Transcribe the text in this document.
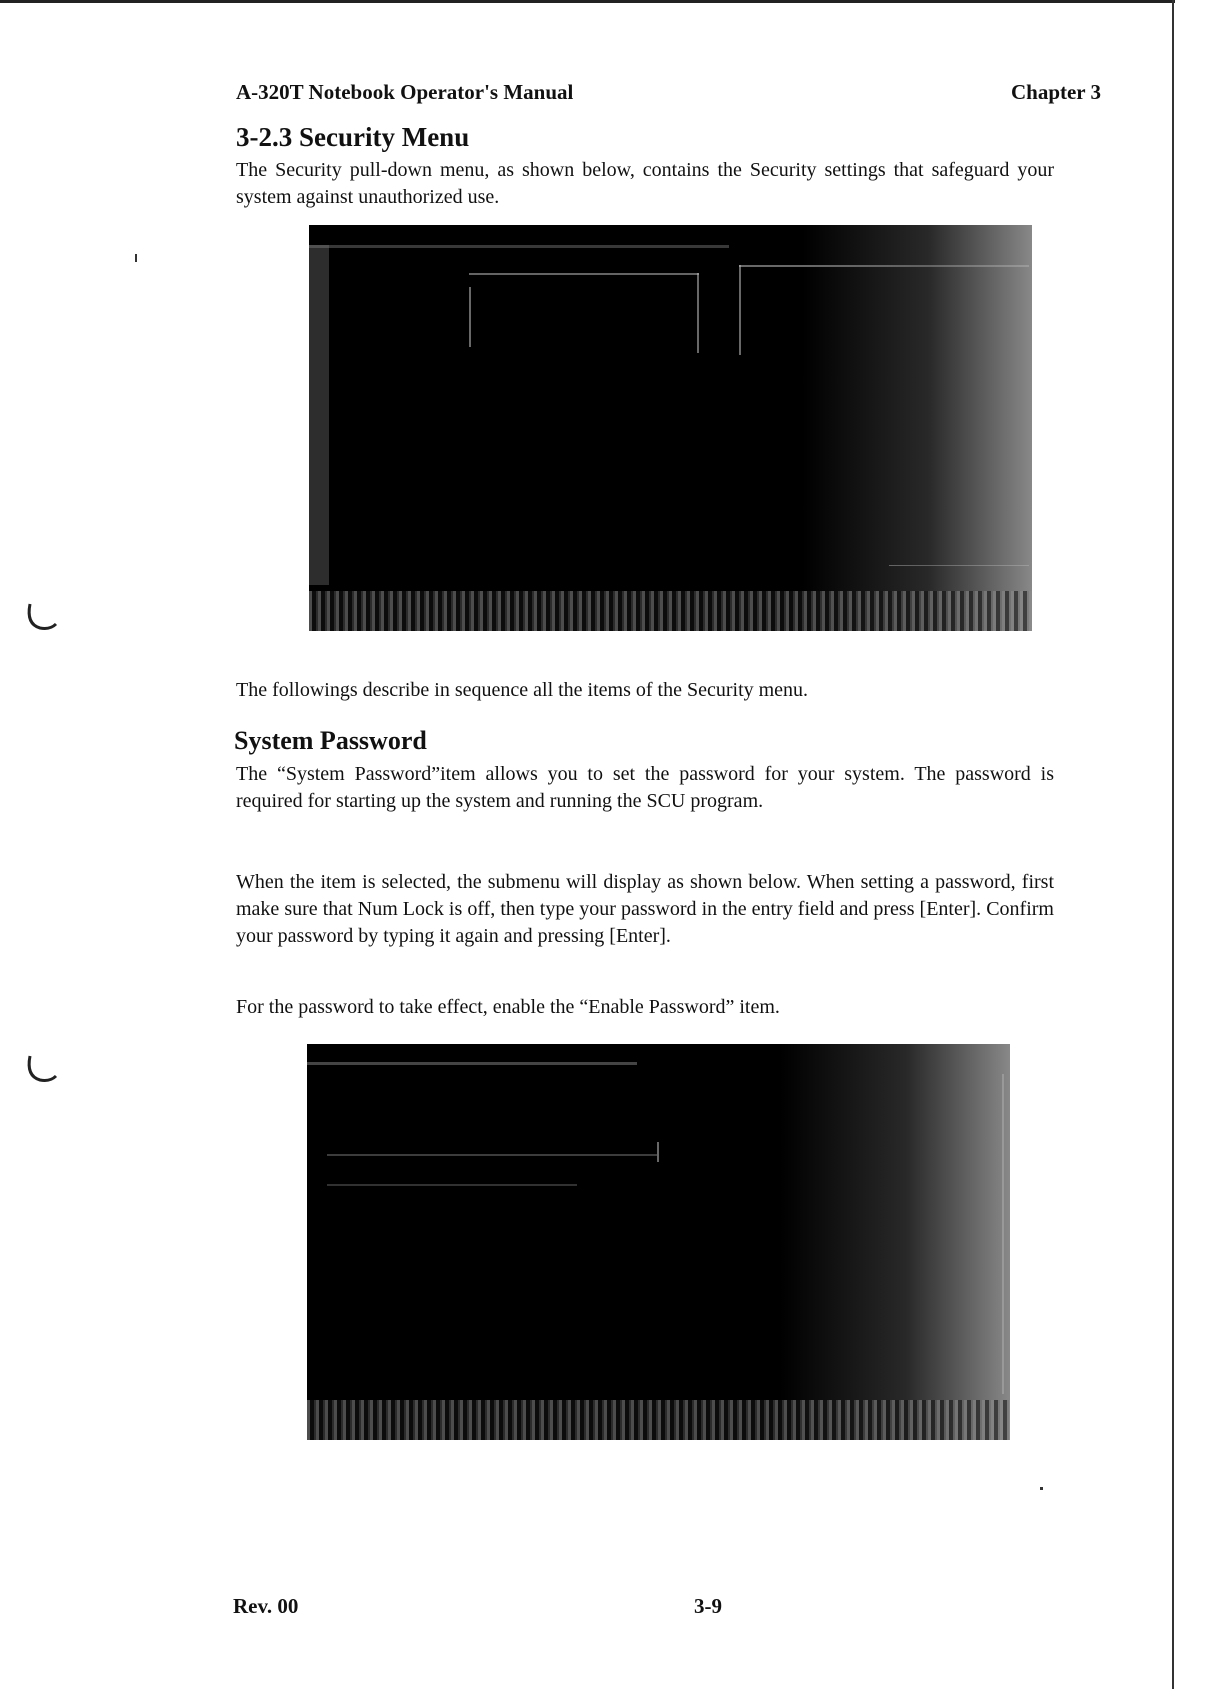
A-320T Notebook Operator's Manual	Chapter 3
3-2.3 Security Menu
The Security pull-down menu, as shown below, contains the Security settings that safeguard your system against unauthorized use.
The followings describe in sequence all the items of the Security menu.
System Password
The “System Password”item allows you to set the password for your system. The password is required for starting up the system and running the SCU program.
When the item is selected, the submenu will display as shown below. When setting a password, first make sure that Num Lock is off, then type your password in the entry field and press [Enter]. Confirm your password by typing it again and pressing [Enter].
For the password to take effect, enable the “Enable Password” item.
Rev. 00	3-9
